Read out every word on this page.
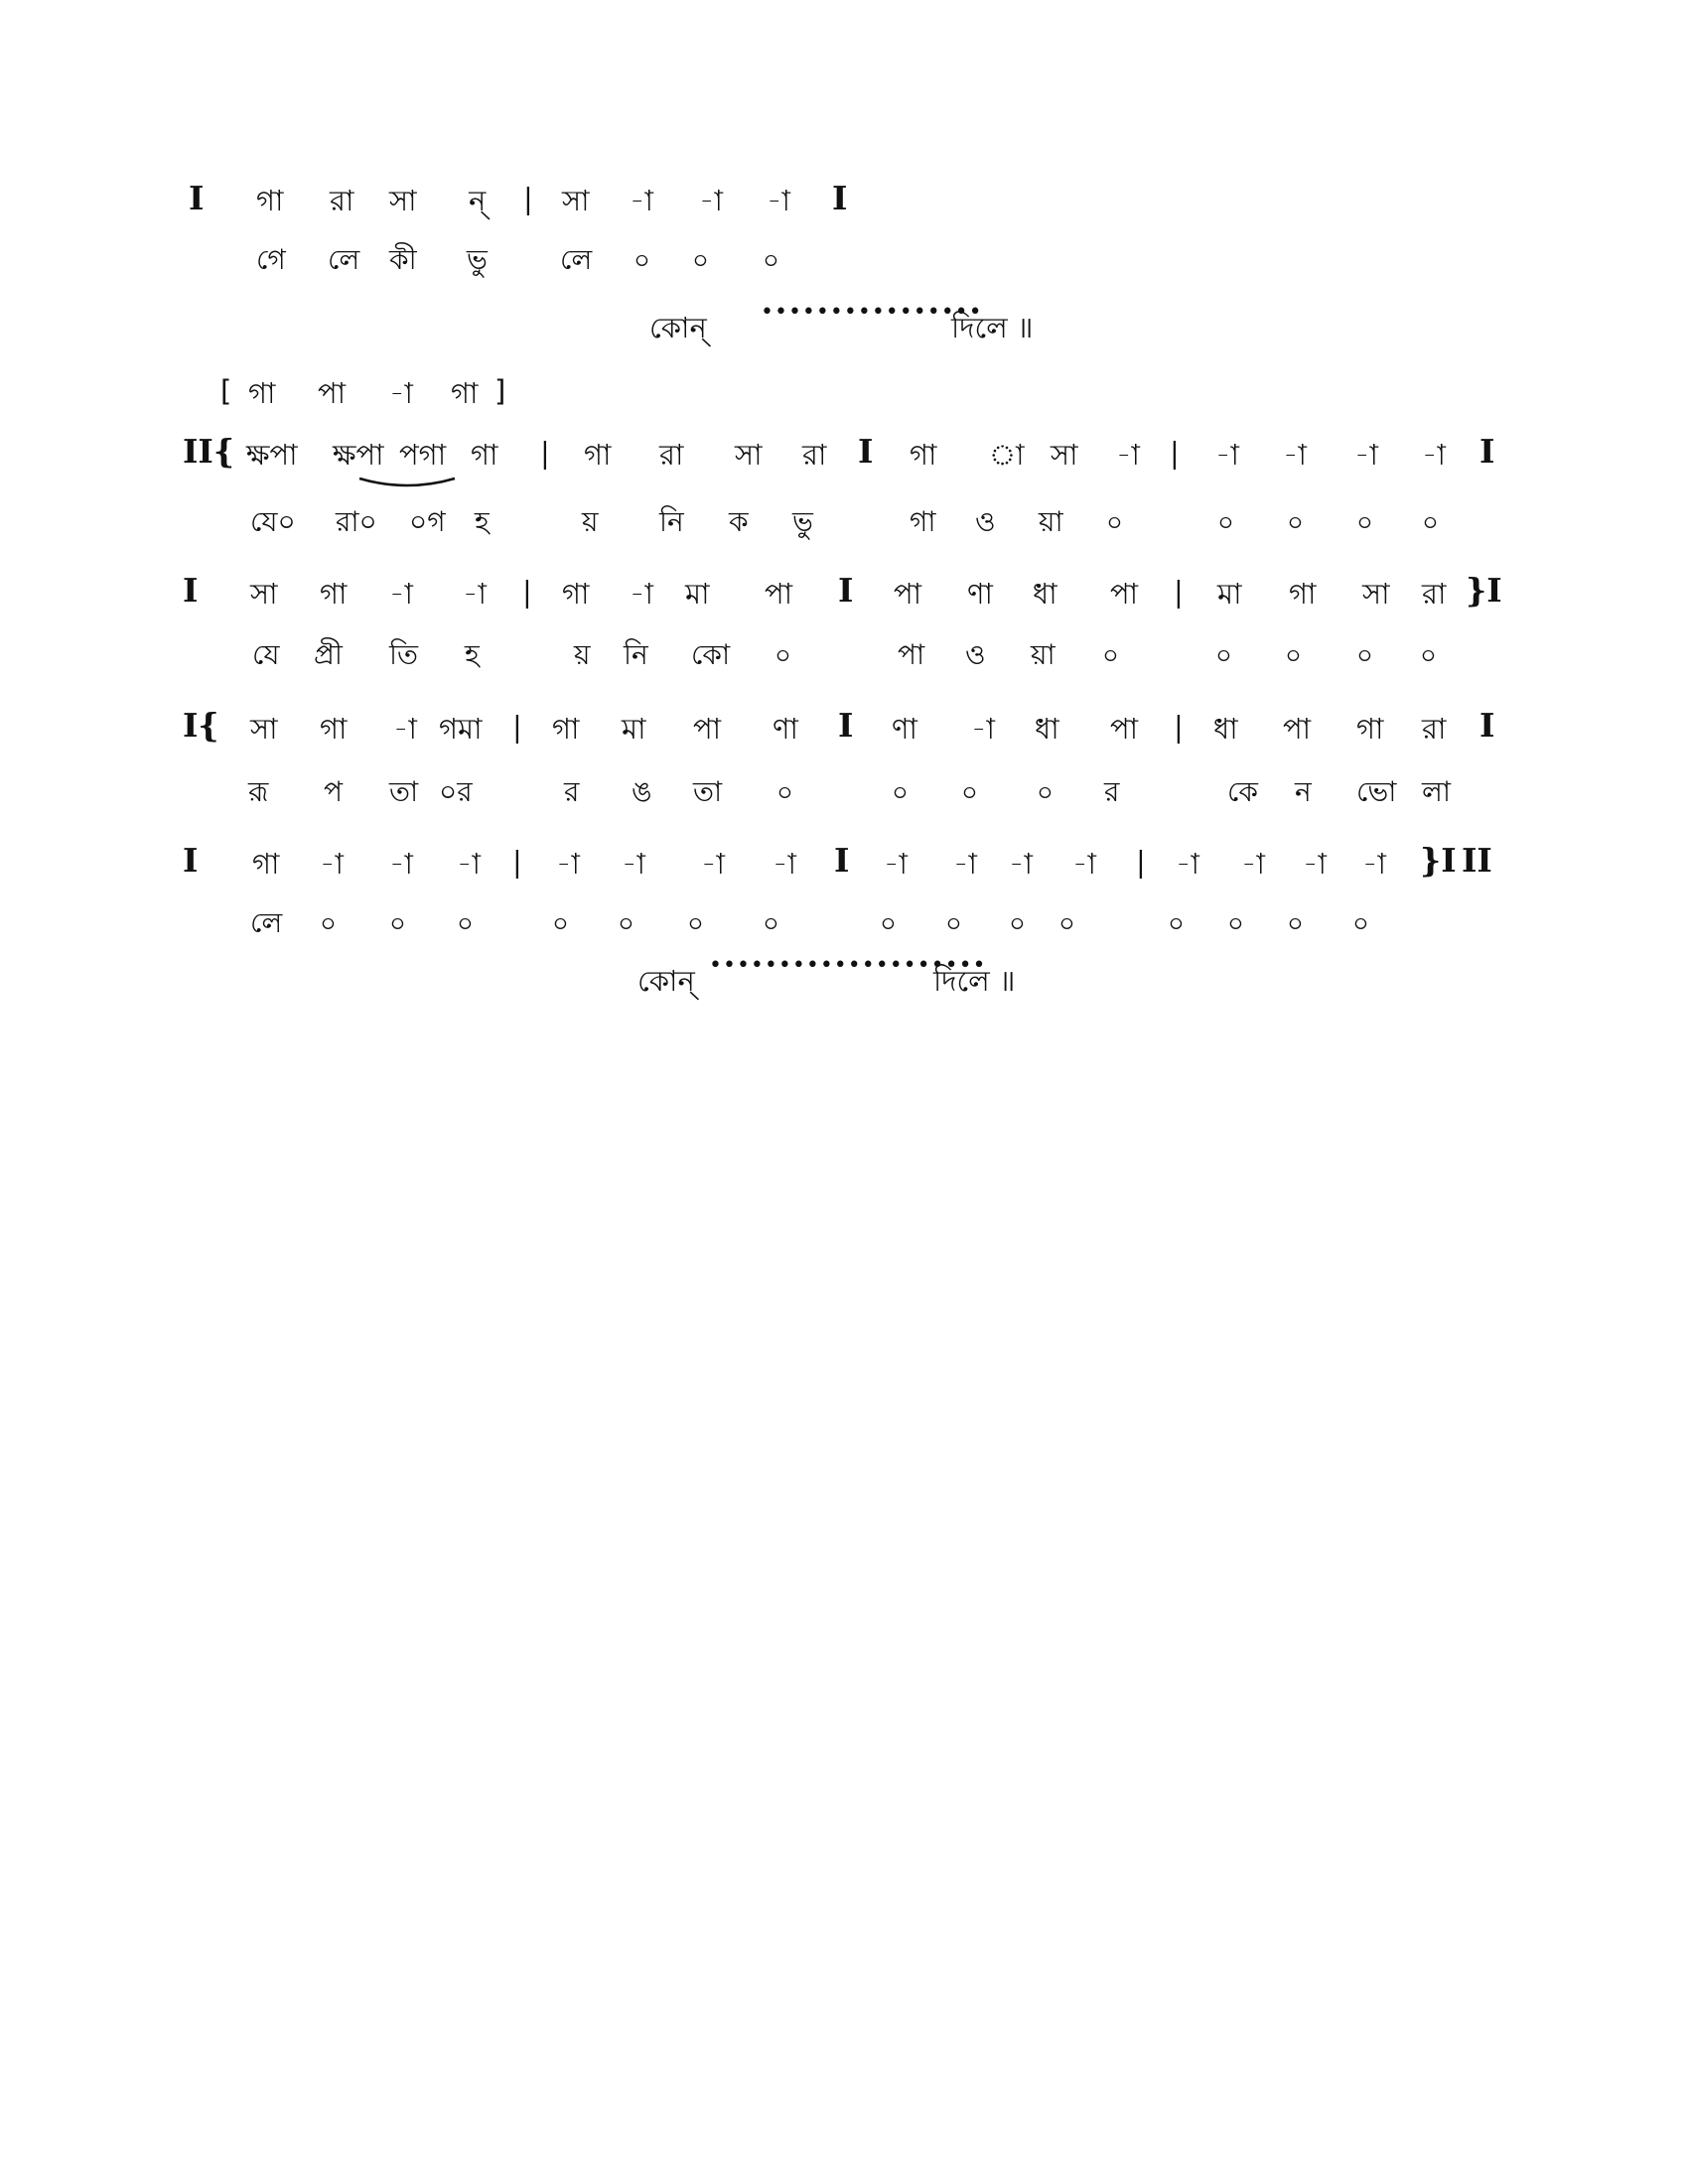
I গা রা সা ন্ | সা -া -া -া I
গে লে কী ভু	লে ০ ০ ০
কোন্ ••••••••••••••••
দিলে ॥
[ গা পা -া গা ]
II{ ক্ষপা ক্ষপা পগা গা | গা রা সা রা I গা া সা -া | -া -া -া -া I
যে০ রা০ ০গ হ	য় নি ক ভু	গা ও য়া ০	০ ০ ০ ০
I সা গা -া -া | গা -া মা পা I পা ণা ধা পা | মা গা সা রা }I
যে প্রী তি হ	য় নি কো ০	পা ও য়া ০	০ ০ ০ ০
I{ সা গা -া গমা | গা মা পা ণা I ণা -া ধা পা | ধা পা গা রা I
রূ প তা ০র	র ঙ তা ০	০ ০ ০ র	কে ন ভো লা
I গা -া -া -া | -া -া -া -া I -া -া -া -া | -া -া -া -া }I II
লে ০ ০ ০	০ ০ ০ ০	০ ০ ০ ০	০ ০ ০ ০
কোন্ ••••••••••••••••••••
দিলে ॥
